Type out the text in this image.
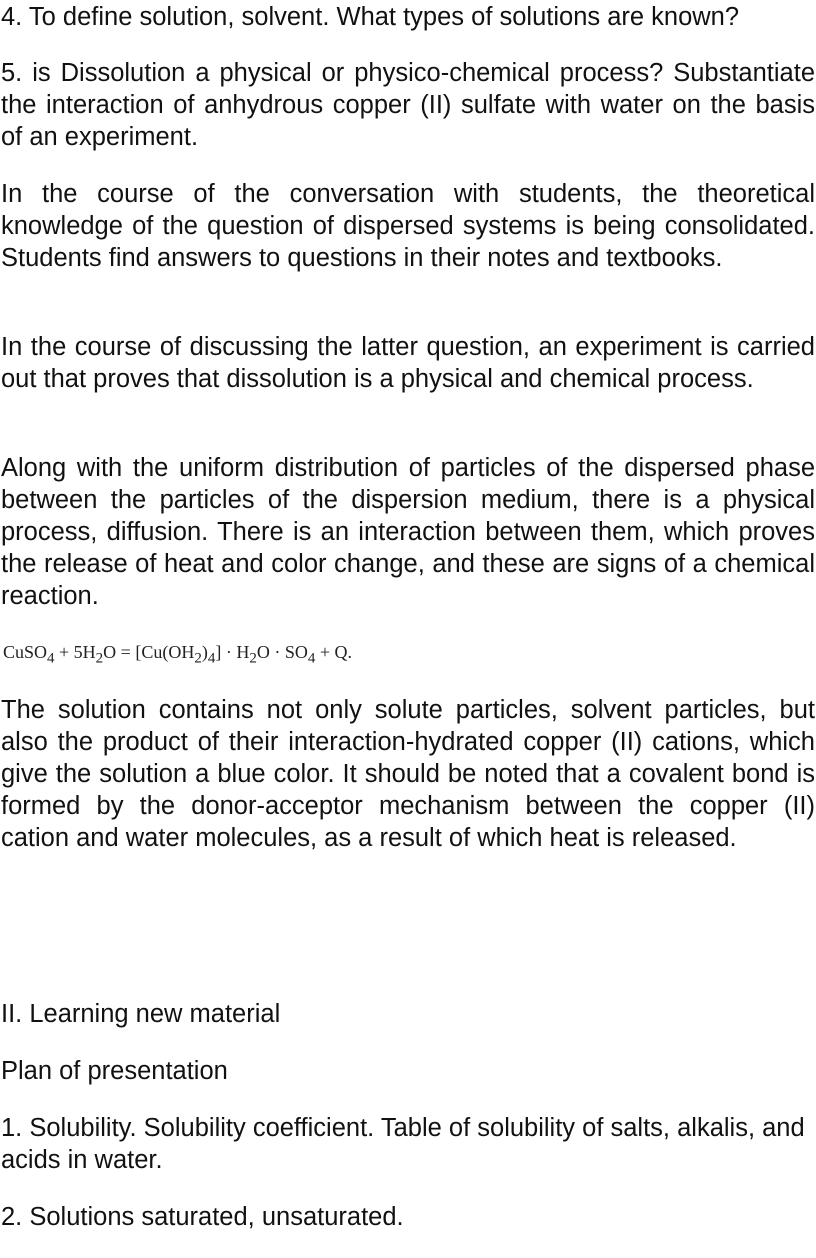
4. To define solution, solvent. What types of solutions are known?

5. is Dissolution a physical or physico-chemical process? Substantiate the interaction of anhydrous copper (II) sulfate with water on the basis of an experiment.

In the course of the conversation with students, the theoretical knowledge of the question of dispersed systems is being consolidated. Students find answers to questions in their notes and textbooks.

In the course of discussing the latter question, an experiment is carried out that proves that dissolution is a physical and chemical process.

Along with the uniform distribution of particles of the dispersed phase between the particles of the dispersion medium, there is a physical process, diffusion. There is an interaction between them, which proves the release of heat and color change, and these are signs of a chemical reaction.

CuSO$_4$ + $5H_2O = [Cu(OH_2)_4] \cdot H_2O \cdot SO_4 + Q$.

The solution contains not only solute particles, solvent particles, but also the product of their interaction-hydrated copper (II) cations, which give the solution a blue color. It should be noted that a covalent bond is formed by the donor-acceptor mechanism between the copper (II) cation and water molecules, as a result of which heat is released.

II. Learning new material

Plan of presentation

1. Solubility. Solubility coefficient. Table of solubility of salts, alkalis, and acids in water.

2. Solutions saturated, unsaturated.
